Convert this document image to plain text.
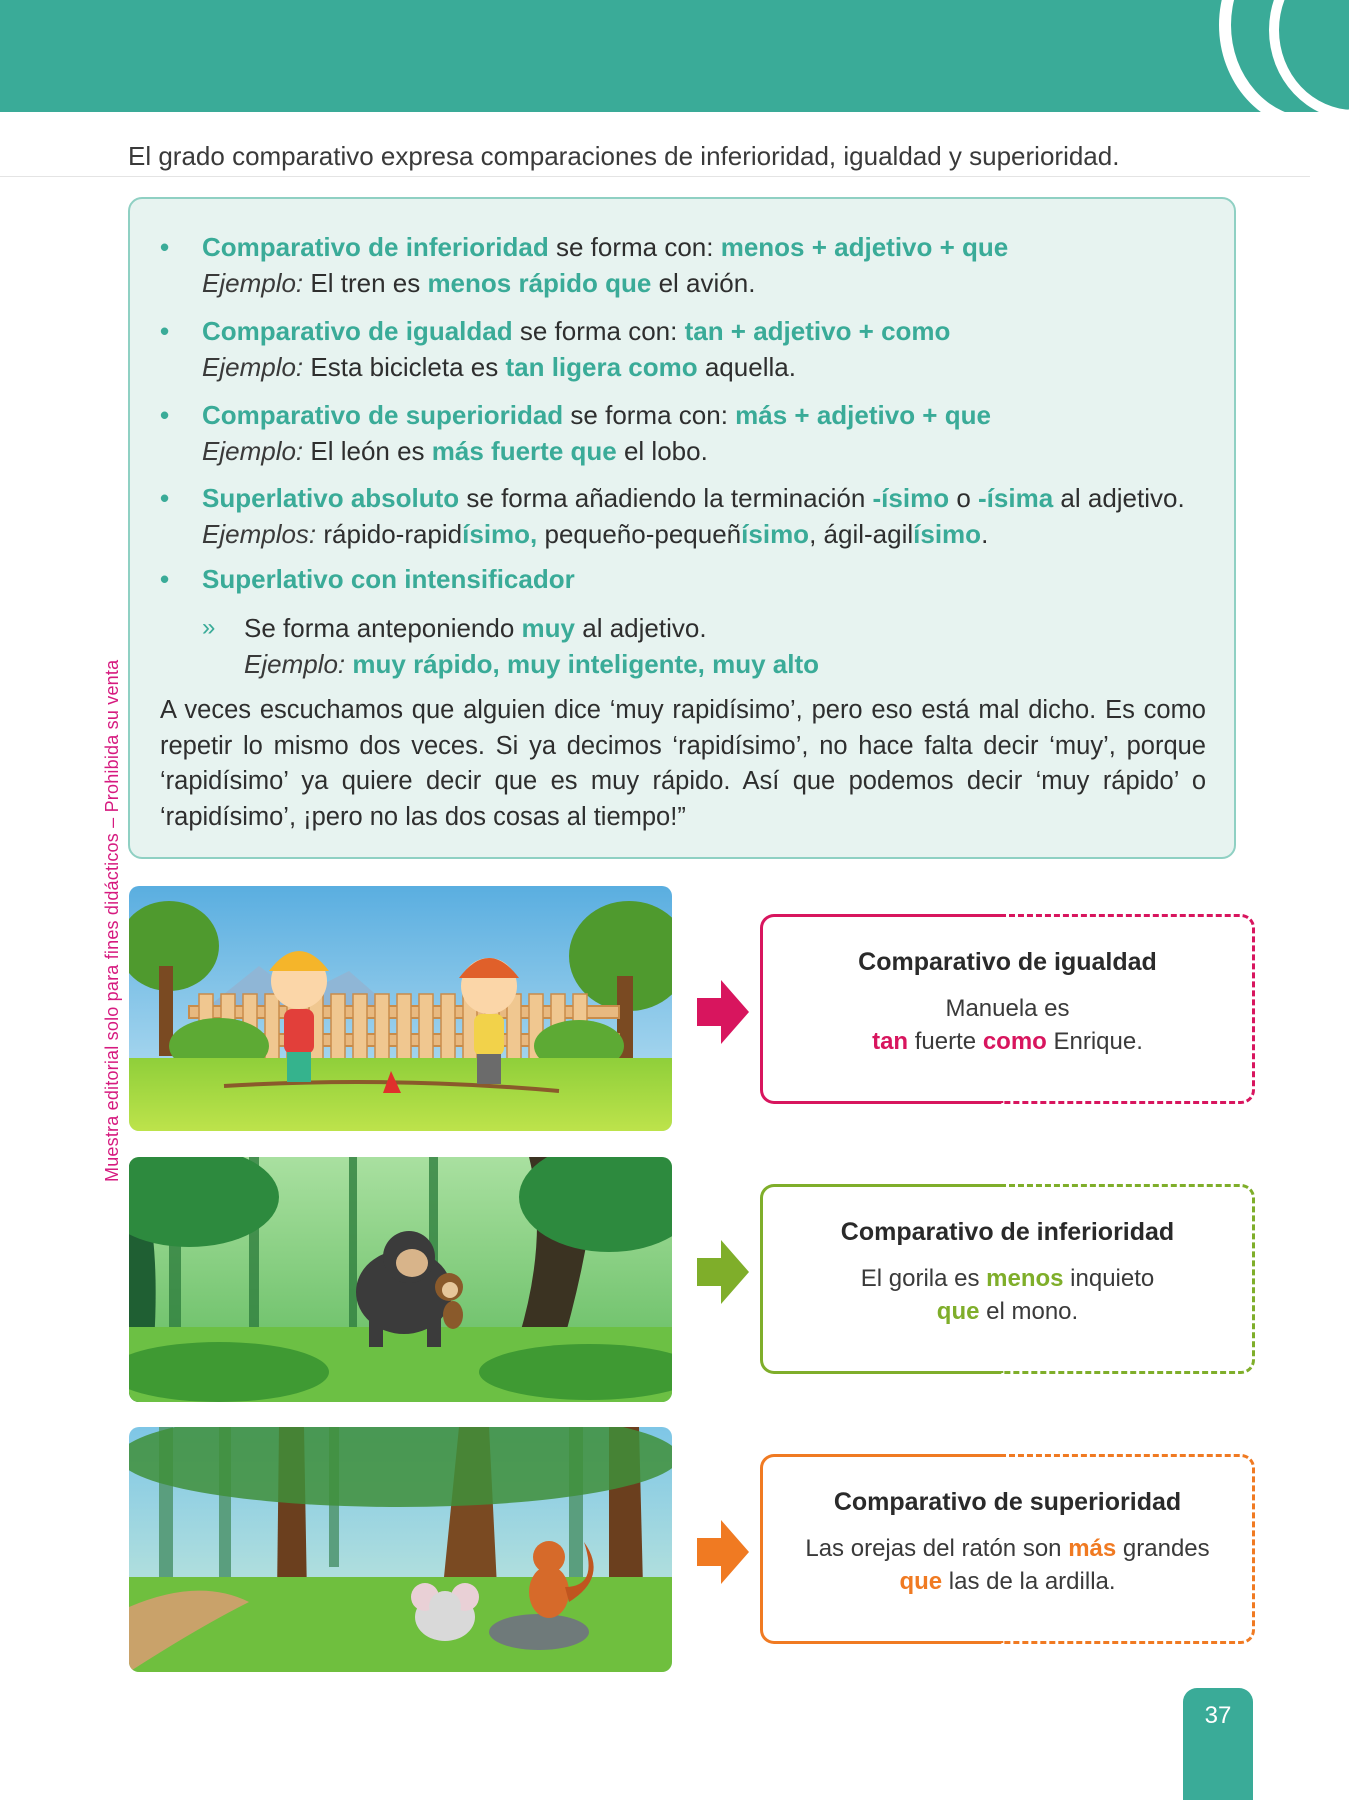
El grado comparativo expresa comparaciones de inferioridad, igualdad y superioridad.
Muestra editorial solo para fines didácticos – Prohibida su venta
• Comparativo de inferioridad se forma con: menos + adjetivo + que
Ejemplo: El tren es menos rápido que el avión.
• Comparativo de igualdad se forma con: tan + adjetivo + como
Ejemplo: Esta bicicleta es tan ligera como aquella.
• Comparativo de superioridad se forma con: más + adjetivo + que
Ejemplo: El león es más fuerte que el lobo.
• Superlativo absoluto se forma añadiendo la terminación -ísimo o -ísima al adjetivo.
Ejemplos: rápido-rapidísimo, pequeño-pequeñísimo, ágil-agilísimo.
• Superlativo con intensificador
» Se forma anteponiendo muy al adjetivo.
Ejemplo: muy rápido, muy inteligente, muy alto

A veces escuchamos que alguien dice ‘muy rapidísimo’, pero eso está mal dicho. Es como repetir lo mismo dos veces. Si ya decimos ‘rapidísimo’, no hace falta decir ‘muy’, porque ‘rapidísimo’ ya quiere decir que es muy rápido. Así que podemos decir ‘muy rápido’ o ‘rapidísimo’, ¡pero no las dos cosas al tiempo!”

Comparativo de igualdad
Manuela es
tan fuerte como Enrique.
Comparativo de inferioridad
El gorila es menos inquieto
que el mono.
Comparativo de superioridad
Las orejas del ratón son más grandes
que las de la ardilla.
37
